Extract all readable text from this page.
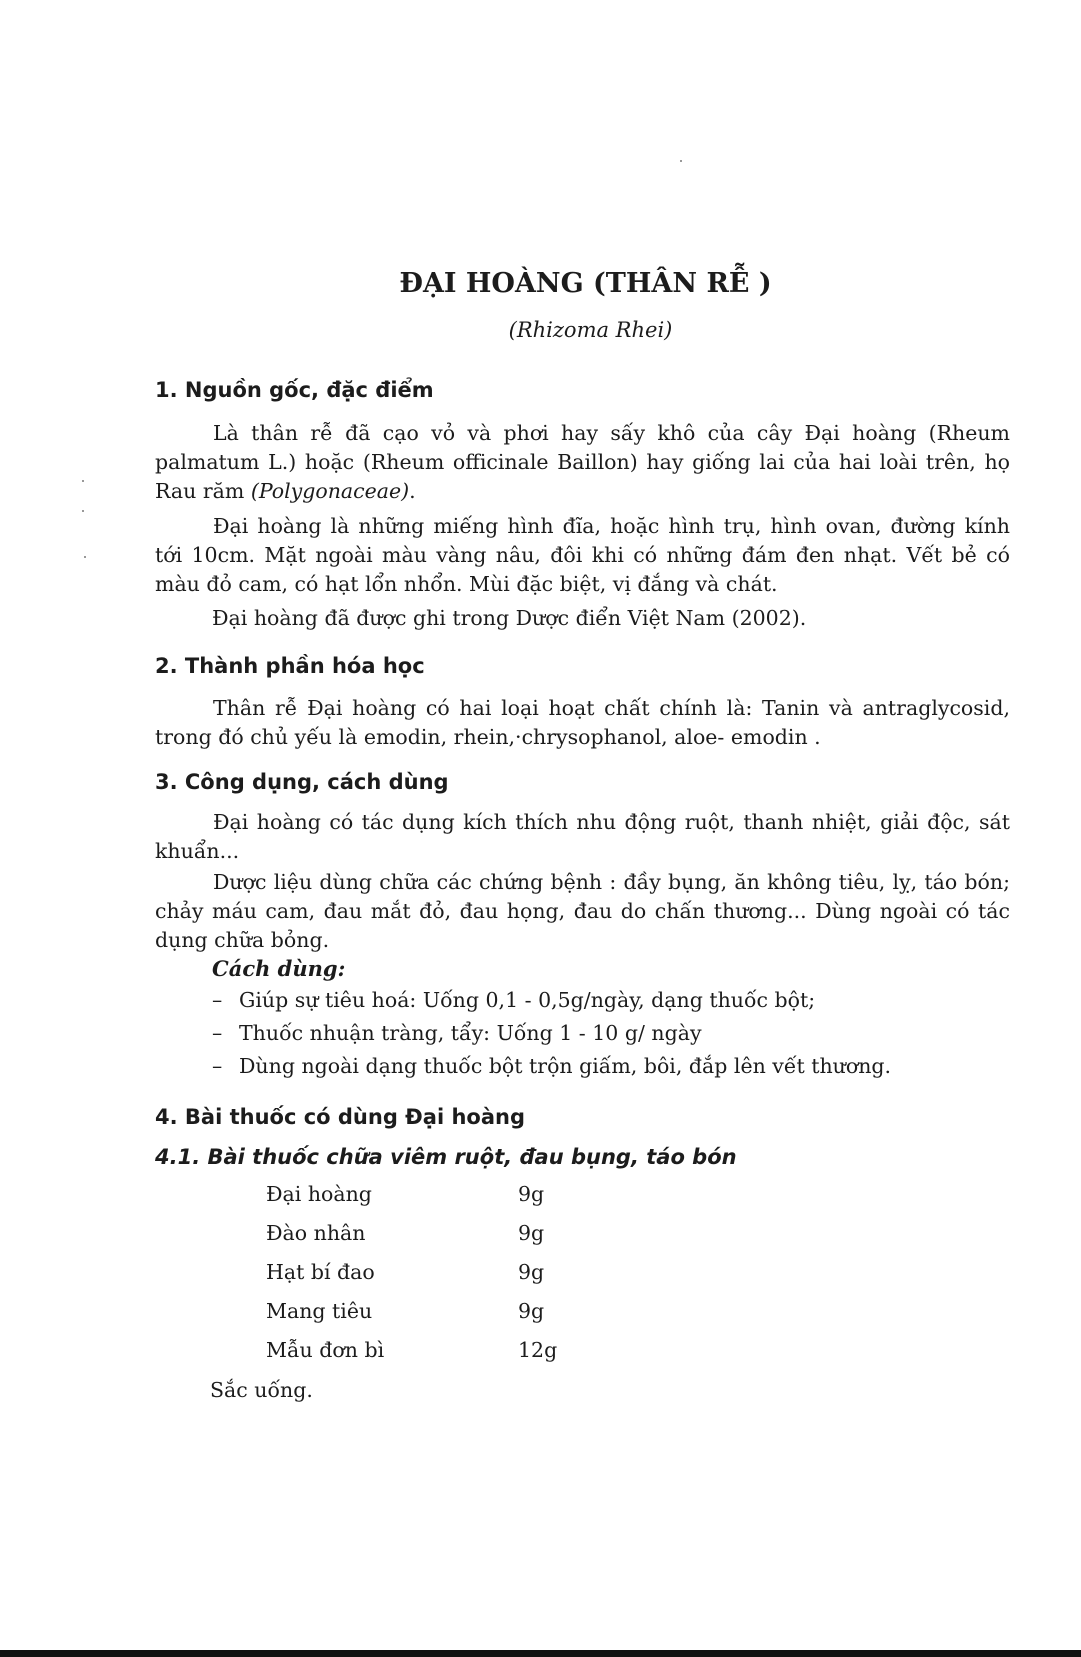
ĐẠI HOÀNG (THÂN RỄ )
(Rhizoma Rhei)
1. Nguồn gốc, đặc điểm
Là thân rễ đã cạo vỏ và phơi hay sấy khô của cây Đại hoàng (Rheum palmatum L.) hoặc (Rheum officinale Baillon) hay giống lai của hai loài trên, họ Rau răm (Polygonaceae).
Đại hoàng là những miếng hình đĩa, hoặc hình trụ, hình ovan, đường kính tới 10cm. Mặt ngoài màu vàng nâu, đôi khi có những đám đen nhạt. Vết bẻ có màu đỏ cam, có hạt lổn nhổn. Mùi đặc biệt, vị đắng và chát.
Đại hoàng đã được ghi trong Dược điển Việt Nam (2002).
2. Thành phần hóa học
Thân rễ Đại hoàng có hai loại hoạt chất chính là: Tanin và antraglycosid, trong đó chủ yếu là emodin, rhein,·chrysophanol, aloe- emodin .
3. Công dụng, cách dùng
Đại hoàng có tác dụng kích thích nhu động ruột, thanh nhiệt, giải độc, sát khuẩn...
Dược liệu dùng chữa các chứng bệnh : đầy bụng, ăn không tiêu, lỵ, táo bón; chảy máu cam, đau mắt đỏ, đau họng, đau do chấn thương... Dùng ngoài có tác dụng chữa bỏng.
Cách dùng:
– Giúp sự tiêu hoá: Uống 0,1 - 0,5g/ngày, dạng thuốc bột;
– Thuốc nhuận tràng, tẩy: Uống 1 - 10 g/ ngày
– Dùng ngoài dạng thuốc bột trộn giấm, bôi, đắp lên vết thương.
4. Bài thuốc có dùng Đại hoàng
4.1. Bài thuốc chữa viêm ruột, đau bụng, táo bón
Đại hoàng	9g
Đào nhân	9g
Hạt bí đao	9g
Mang tiêu	9g
Mẫu đơn bì	12g
Sắc uống.
